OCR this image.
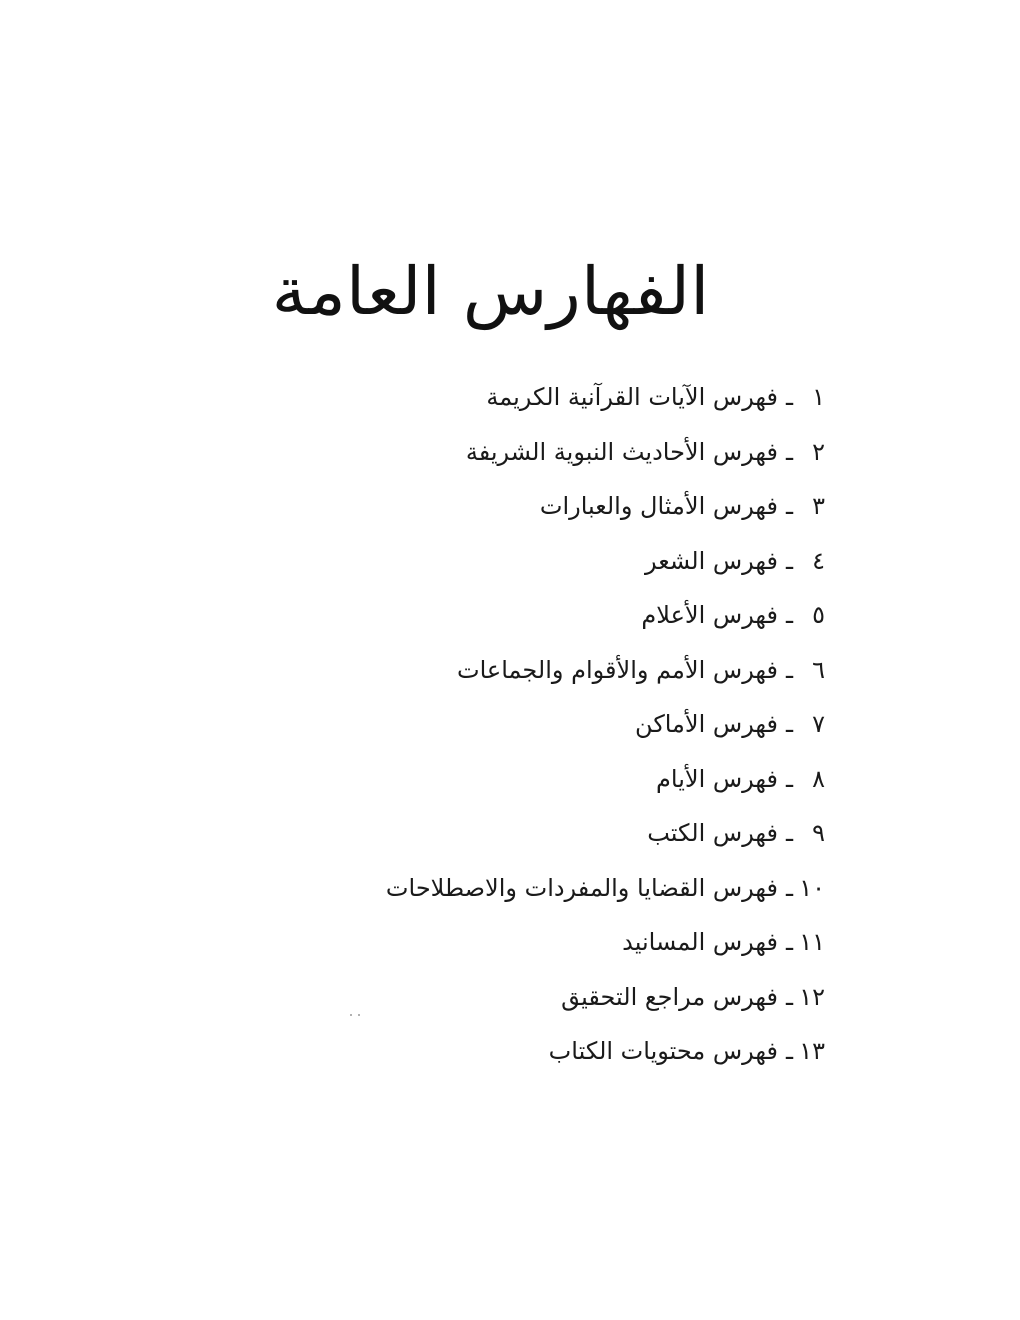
الفهارس العامة
١
ـ
فهرس الآيات القرآنية الكريمة
٢
ـ
فهرس الأحاديث النبوية الشريفة
٣
ـ
فهرس الأمثال والعبارات
٤
ـ
فهرس الشعر
٥
ـ
فهرس الأعلام
٦
ـ
فهرس الأمم والأقوام والجماعات
٧
ـ
فهرس الأماكن
٨
ـ
فهرس الأيام
٩
ـ
فهرس الكتب
١٠
ـ
فهرس القضايا والمفردات والاصطلاحات
١١
ـ
فهرس المسانيد
١٢
ـ
فهرس مراجع التحقيق
١٣
ـ
فهرس محتويات الكتاب
